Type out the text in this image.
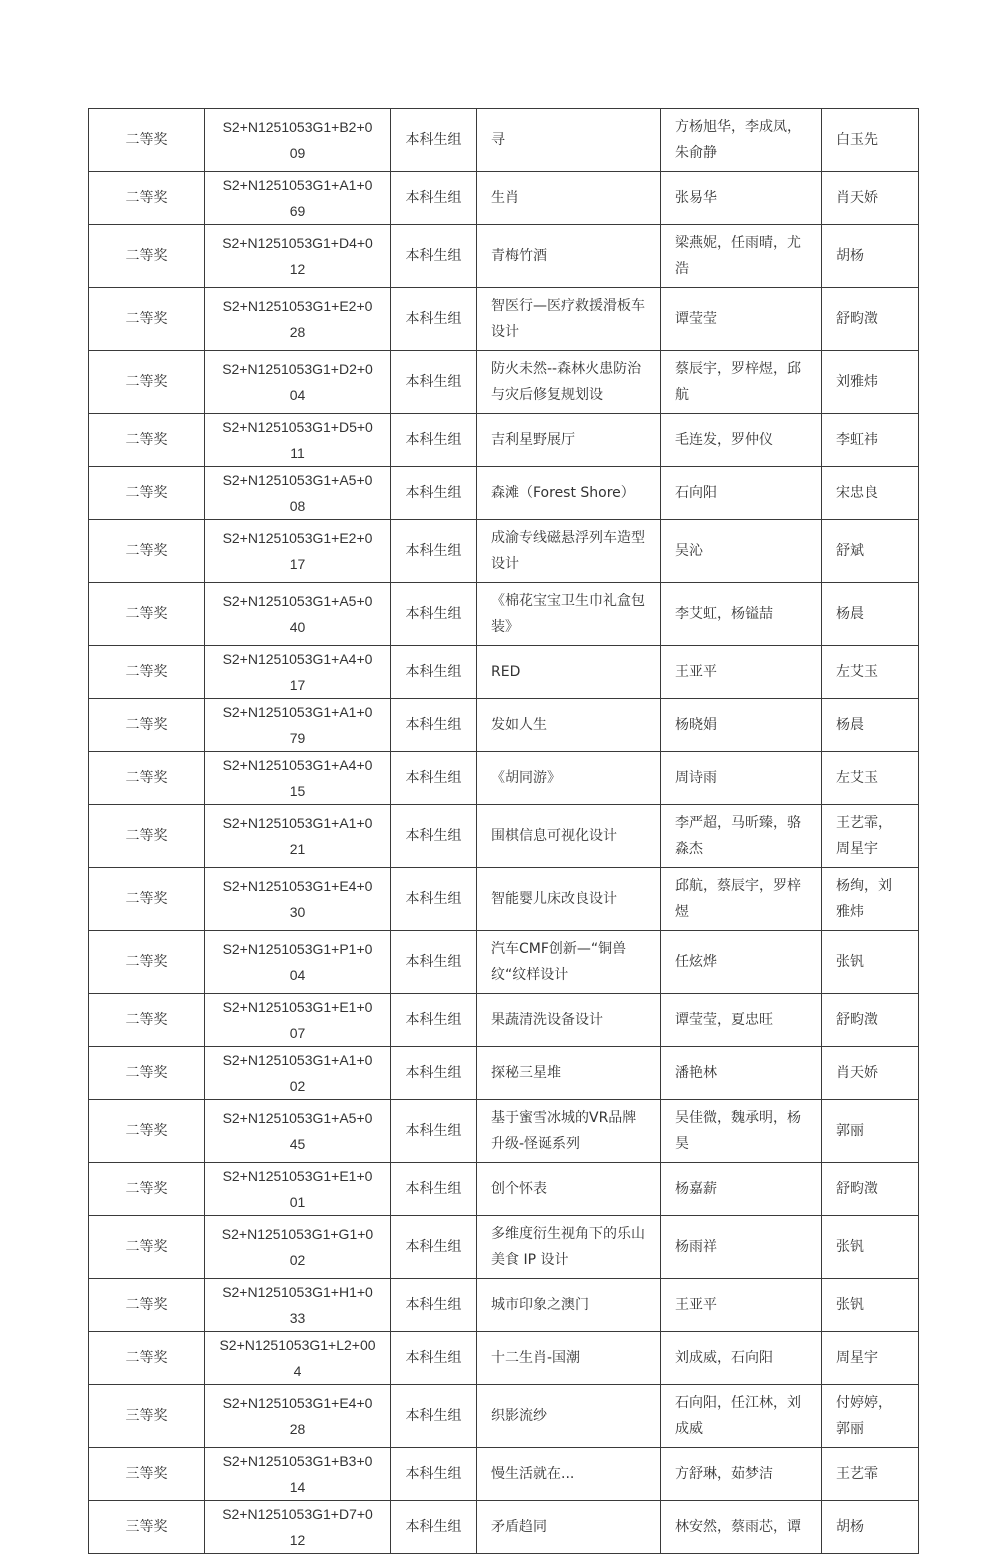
二等奖	S2+N1251053G1+B2+009	本科生组	寻	方杨旭华，李成凤，朱俞静	白玉先
二等奖	S2+N1251053G1+A1+069	本科生组	生肖	张易华	肖天娇
二等奖	S2+N1251053G1+D4+012	本科生组	青梅竹酒	梁燕妮，任雨晴，尤浩	胡杨
二等奖	S2+N1251053G1+E2+028	本科生组	智医行—医疗救援滑板车设计	谭莹莹	舒畇澂
二等奖	S2+N1251053G1+D2+004	本科生组	防火未然--森林火患防治与灾后修复规划设	蔡辰宇，罗梓煜，邱航	刘雅炜
二等奖	S2+N1251053G1+D5+011	本科生组	吉利星野展厅	毛连发，罗仲仪	李虹祎
二等奖	S2+N1251053G1+A5+008	本科生组	森滩（Forest Shore）	石向阳	宋忠良
二等奖	S2+N1251053G1+E2+017	本科生组	成渝专线磁悬浮列车造型设计	吴沁	舒斌
二等奖	S2+N1251053G1+A5+040	本科生组	《棉花宝宝卫生巾礼盒包装》	李艾虹，杨镒喆	杨晨
二等奖	S2+N1251053G1+A4+017	本科生组	RED	王亚平	左艾玉
二等奖	S2+N1251053G1+A1+079	本科生组	发如人生	杨晓娟	杨晨
二等奖	S2+N1251053G1+A4+015	本科生组	《胡同游》	周诗雨	左艾玉
二等奖	S2+N1251053G1+A1+021	本科生组	围棋信息可视化设计	李严超，马昕臻，骆淼杰	王艺霏，周星宇
二等奖	S2+N1251053G1+E4+030	本科生组	智能婴儿床改良设计	邱航，蔡辰宇，罗梓煜	杨绚，刘雅炜
二等奖	S2+N1251053G1+P1+004	本科生组	汽车CMF创新—“铜兽纹“纹样设计	任炫烨	张钒
二等奖	S2+N1251053G1+E1+007	本科生组	果蔬清洗设备设计	谭莹莹，夏忠旺	舒畇澂
二等奖	S2+N1251053G1+A1+002	本科生组	探秘三星堆	潘艳林	肖天娇
二等奖	S2+N1251053G1+A5+045	本科生组	基于蜜雪冰城的VR品牌升级-怪诞系列	吴佳微，魏承明，杨昊	郭丽
二等奖	S2+N1251053G1+E1+001	本科生组	创个怀表	杨嘉薪	舒畇澂
二等奖	S2+N1251053G1+G1+002	本科生组	多维度衍生视角下的乐山美食 IP 设计	杨雨祥	张钒
二等奖	S2+N1251053G1+H1+033	本科生组	城市印象之澳门	王亚平	张钒
二等奖	S2+N1251053G1+L2+004	本科生组	十二生肖-国潮	刘成威，石向阳	周星宇
三等奖	S2+N1251053G1+E4+028	本科生组	织影流纱	石向阳，任江林，刘成威	付婷婷，郭丽
三等奖	S2+N1251053G1+B3+014	本科生组	慢生活就在...	方舒琳，茹梦洁	王艺霏
三等奖	S2+N1251053G1+D7+012	本科生组	矛盾趋同	林安然，蔡雨芯，谭	胡杨
